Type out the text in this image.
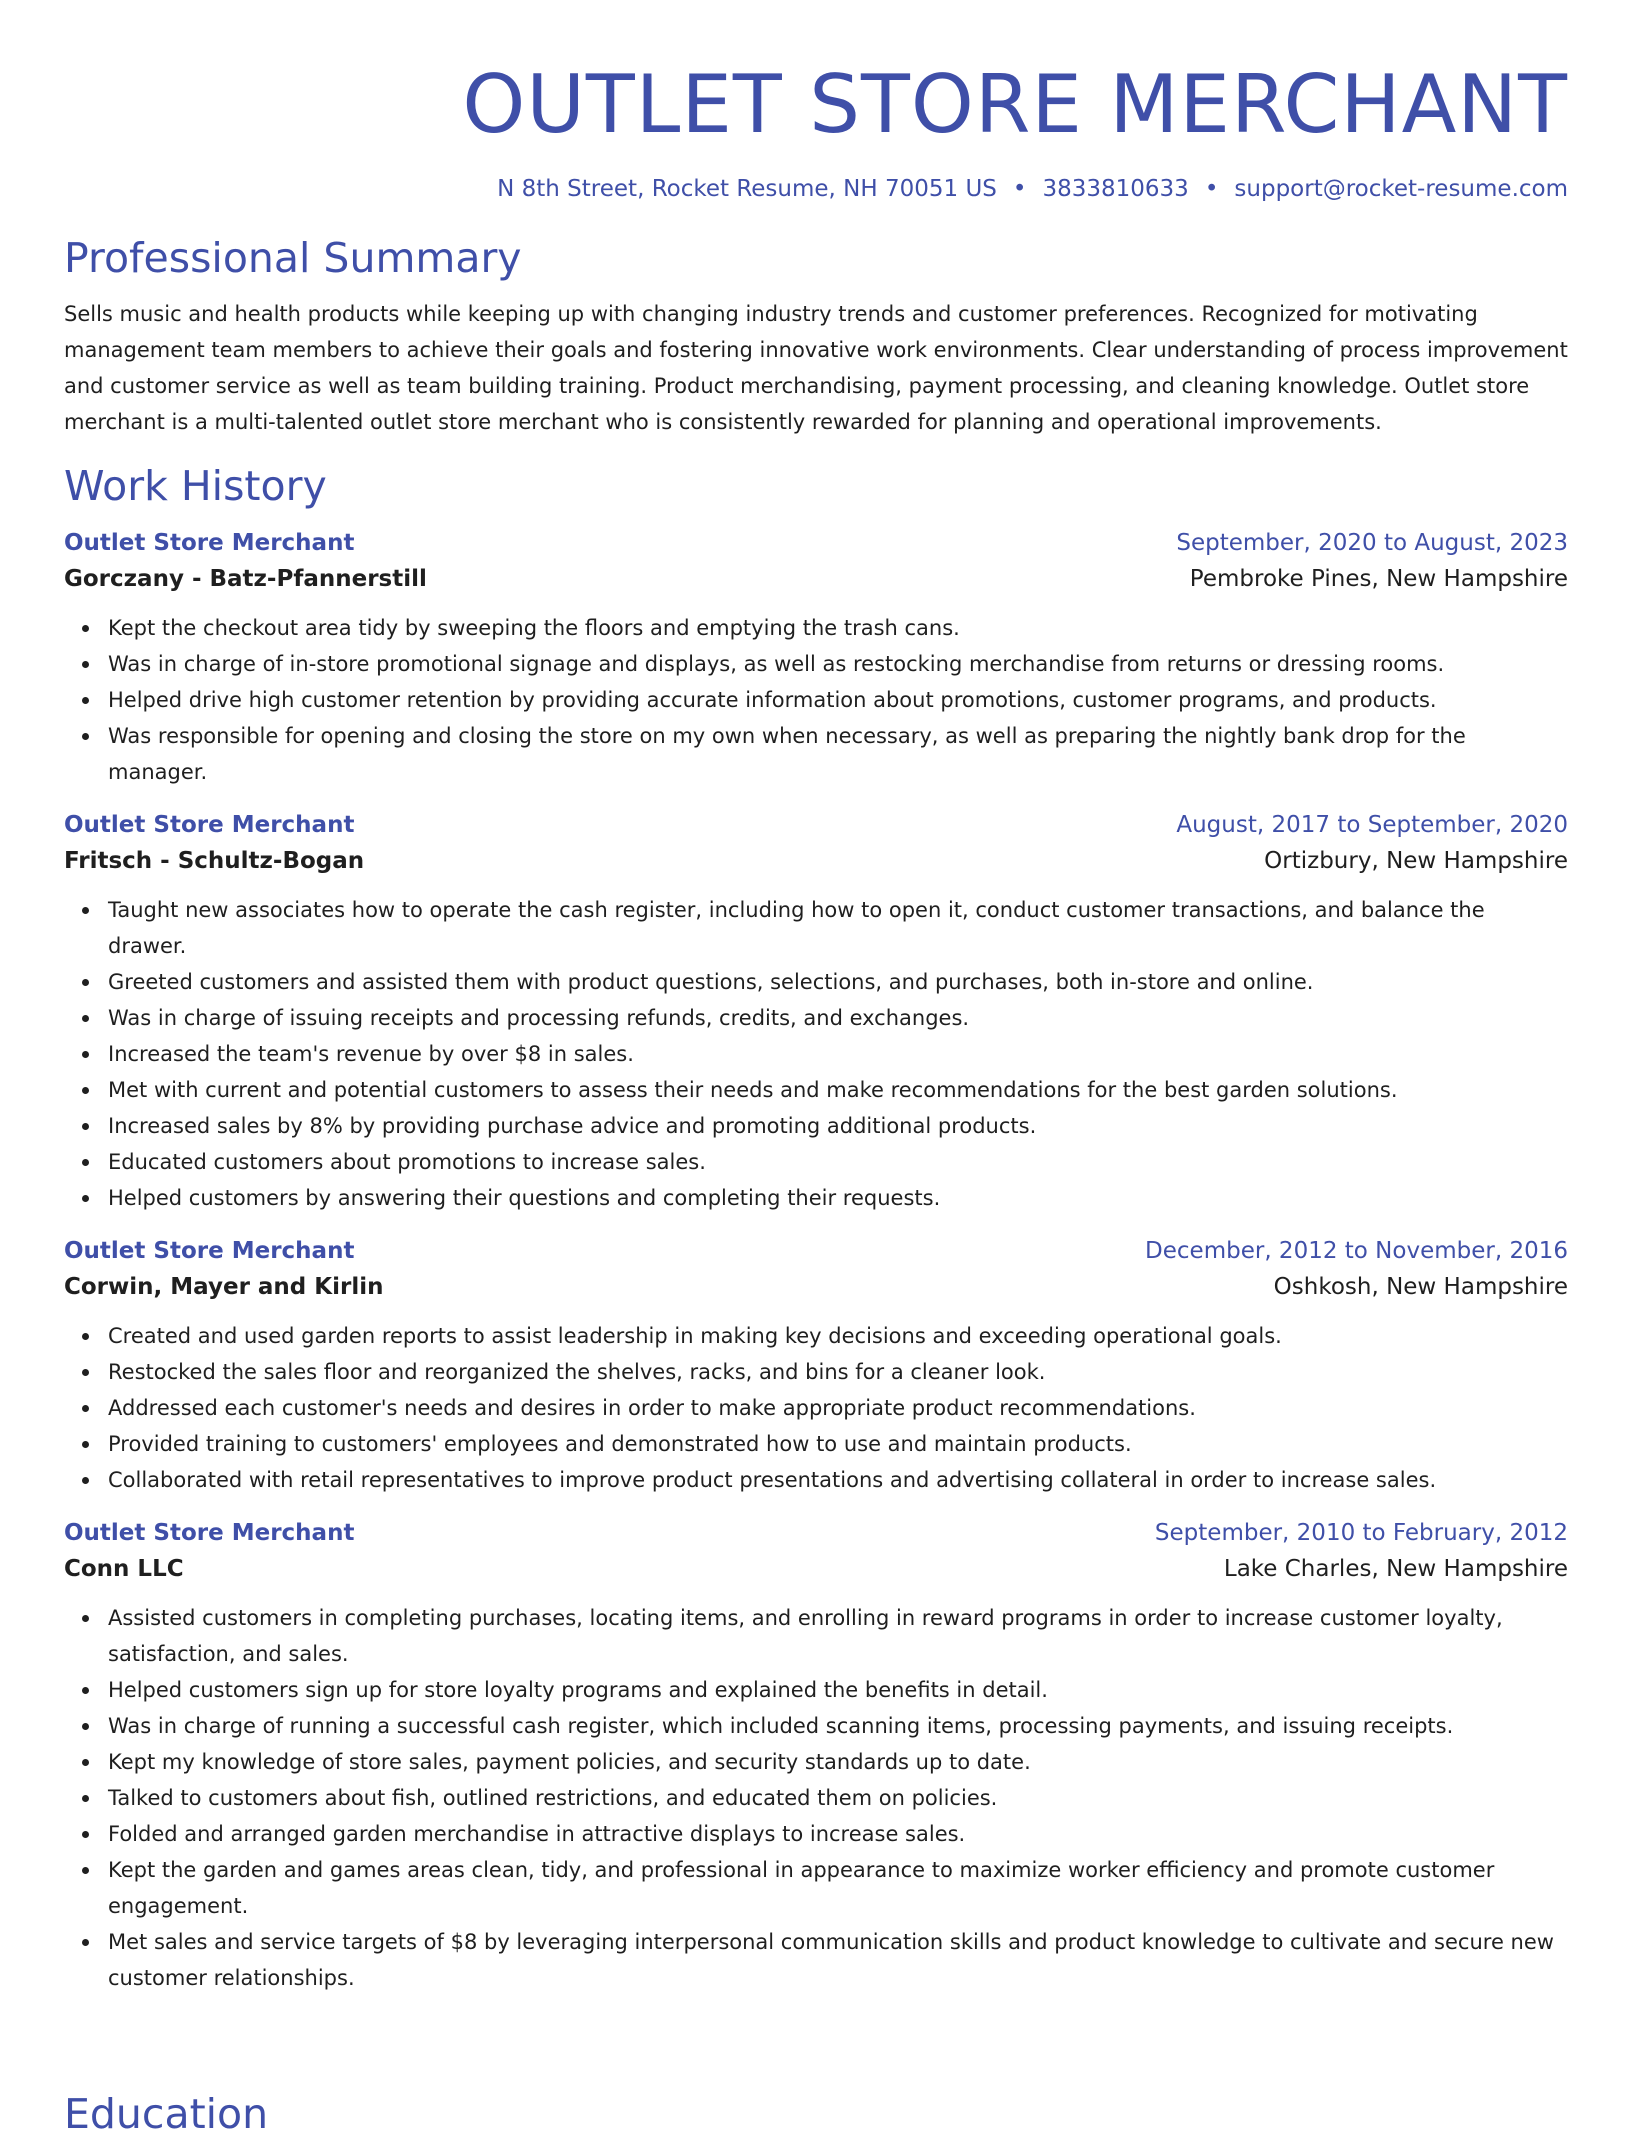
OUTLET STORE MERCHANT
N 8th Street, Rocket Resume, NH 70051 US • 3833810633 • support@rocket-resume.com
Professional Summary
Sells music and health products while keeping up with changing industry trends and customer preferences. Recognized for motivating management team members to achieve their goals and fostering innovative work environments. Clear understanding of process improvement and customer service as well as team building training. Product merchandising, payment processing, and cleaning knowledge. Outlet store merchant is a multi-talented outlet store merchant who is consistently rewarded for planning and operational improvements.
Work History
Outlet Store Merchant	September, 2020 to August, 2023
Gorczany - Batz-Pfannerstill	Pembroke Pines, New Hampshire
Kept the checkout area tidy by sweeping the floors and emptying the trash cans.
Was in charge of in-store promotional signage and displays, as well as restocking merchandise from returns or dressing rooms.
Helped drive high customer retention by providing accurate information about promotions, customer programs, and products.
Was responsible for opening and closing the store on my own when necessary, as well as preparing the nightly bank drop for the manager.
Outlet Store Merchant	August, 2017 to September, 2020
Fritsch - Schultz-Bogan	Ortizbury, New Hampshire
Taught new associates how to operate the cash register, including how to open it, conduct customer transactions, and balance the drawer.
Greeted customers and assisted them with product questions, selections, and purchases, both in-store and online.
Was in charge of issuing receipts and processing refunds, credits, and exchanges.
Increased the team's revenue by over $8 in sales.
Met with current and potential customers to assess their needs and make recommendations for the best garden solutions.
Increased sales by 8% by providing purchase advice and promoting additional products.
Educated customers about promotions to increase sales.
Helped customers by answering their questions and completing their requests.
Outlet Store Merchant	December, 2012 to November, 2016
Corwin, Mayer and Kirlin	Oshkosh, New Hampshire
Created and used garden reports to assist leadership in making key decisions and exceeding operational goals.
Restocked the sales floor and reorganized the shelves, racks, and bins for a cleaner look.
Addressed each customer's needs and desires in order to make appropriate product recommendations.
Provided training to customers' employees and demonstrated how to use and maintain products.
Collaborated with retail representatives to improve product presentations and advertising collateral in order to increase sales.
Outlet Store Merchant	September, 2010 to February, 2012
Conn LLC	Lake Charles, New Hampshire
Assisted customers in completing purchases, locating items, and enrolling in reward programs in order to increase customer loyalty, satisfaction, and sales.
Helped customers sign up for store loyalty programs and explained the benefits in detail.
Was in charge of running a successful cash register, which included scanning items, processing payments, and issuing receipts.
Kept my knowledge of store sales, payment policies, and security standards up to date.
Talked to customers about fish, outlined restrictions, and educated them on policies.
Folded and arranged garden merchandise in attractive displays to increase sales.
Kept the garden and games areas clean, tidy, and professional in appearance to maximize worker efficiency and promote customer engagement.
Met sales and service targets of $8 by leveraging interpersonal communication skills and product knowledge to cultivate and secure new customer relationships.
Education
